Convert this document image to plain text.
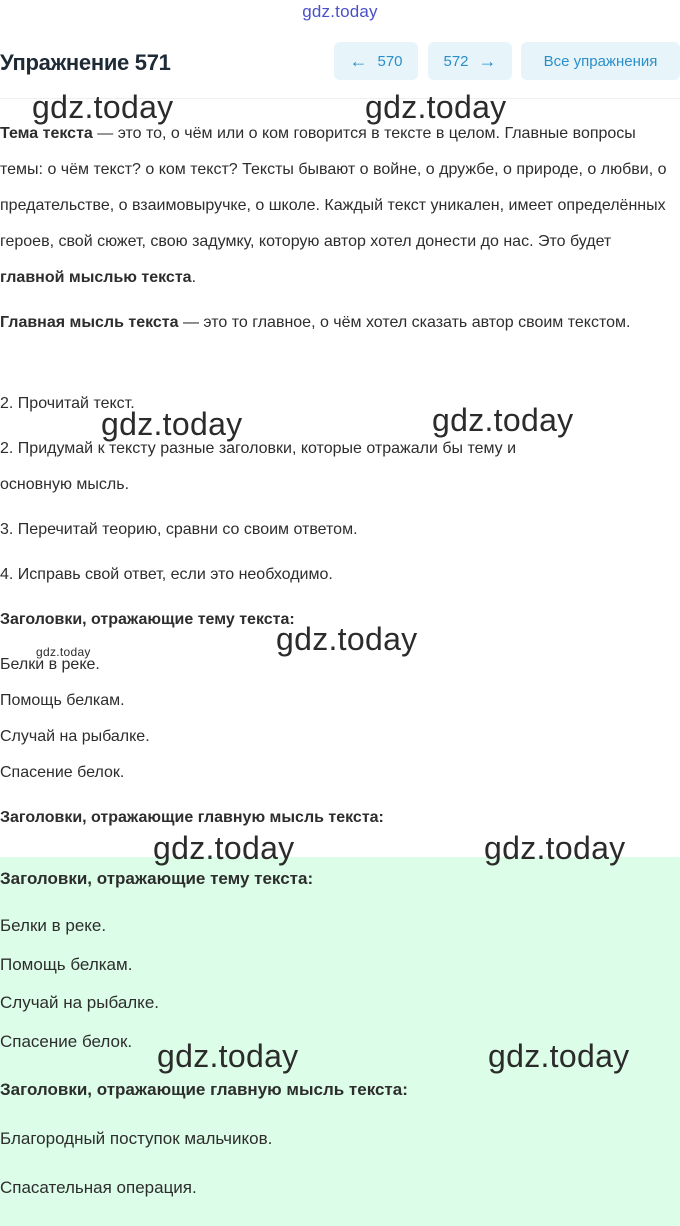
gdz.today
Упражнение 571	← 570	572 →	Все упражнения

Тема текста — это то, о чём или о ком говорится в тексте в целом. Главные вопросы темы: о чём текст? о ком текст? Тексты бывают о войне, о дружбе, о природе, о любви, о предательстве, о взаимовыручке, о школе. Каждый текст уникален, имеет определённых героев, свой сюжет, свою задумку, которую автор хотел донести до нас. Это будет главной мыслью текста.

Главная мысль текста — это то главное, о чём хотел сказать автор своим текстом.

2. Прочитай текст.
2. Придумай к тексту разные заголовки, которые отражали бы тему и
основную мысль.
3. Перечитай теорию, сравни со своим ответом.
4. Исправь свой ответ, если это необходимо.
Заголовки, отражающие тему текста:
Белки в реке.
Помощь белкам.
Случай на рыбалке.
Спасение белок.
Заголовки, отражающие главную мысль текста:
Заголовки, отражающие тему текста:
Белки в реке.
Помощь белкам.
Случай на рыбалке.
Спасение белок.
Заголовки, отражающие главную мысль текста:
Благородный поступок мальчиков.
Спасательная операция.
gdz.today	gdz.today
gdz.today	gdz.today
gdz.today
gdz.today
gdz.today	gdz.today
gdz.today	gdz.today
